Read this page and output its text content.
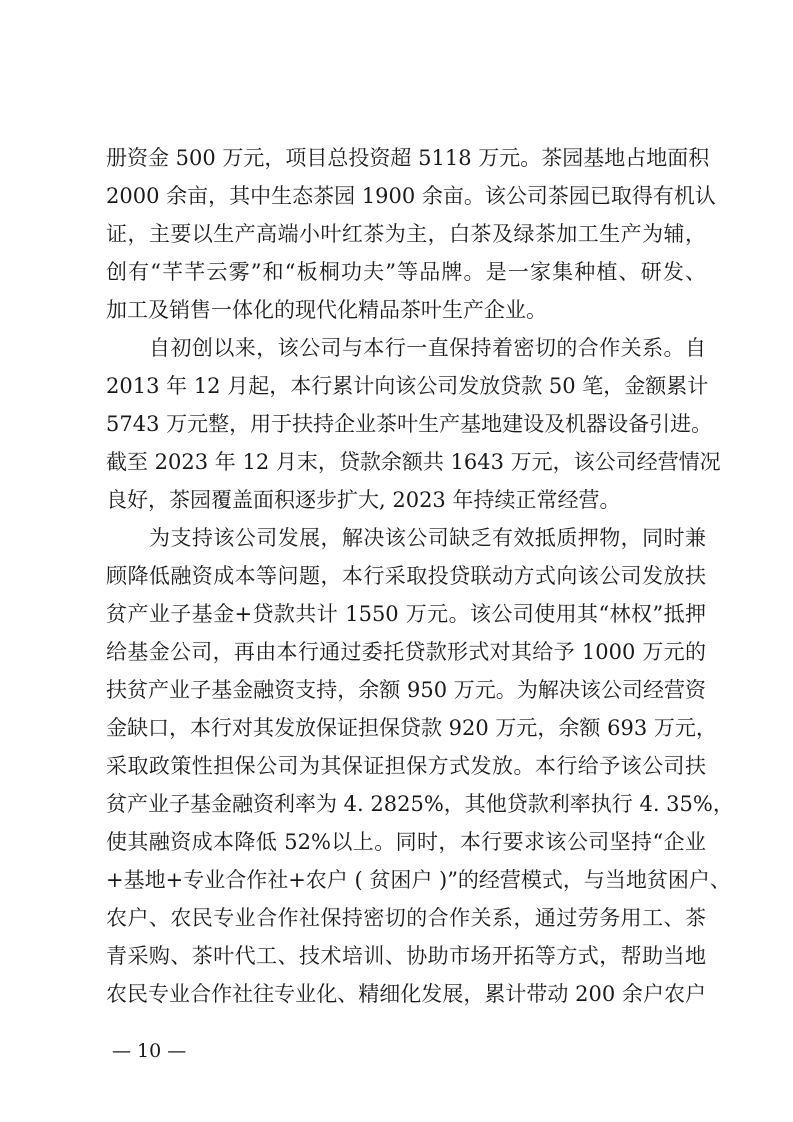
册资金 500 万元，项目总投资超 5118 万元。茶园基地占地面积
2000 余亩，其中生态茶园 1900 余亩。该公司茶园已取得有机认
证，主要以生产高端小叶红茶为主，白茶及绿茶加工生产为辅，
创有“芊芊云雾”和“板桐功夫”等品牌。是一家集种植、研发、
加工及销售一体化的现代化精品茶叶生产企业。
自初创以来，该公司与本行一直保持着密切的合作关系。自
2013 年 12 月起，本行累计向该公司发放贷款 50 笔，金额累计
5743 万元整，用于扶持企业茶叶生产基地建设及机器设备引进。
截至 2023 年 12 月末，贷款余额共 1643 万元，该公司经营情况
良好，茶园覆盖面积逐步扩大, 2023 年持续正常经营。
为支持该公司发展，解决该公司缺乏有效抵质押物，同时兼
顾降低融资成本等问题，本行采取投贷联动方式向该公司发放扶
贫产业子基金+贷款共计 1550 万元。该公司使用其“林权”抵押
给基金公司，再由本行通过委托贷款形式对其给予 1000 万元的
扶贫产业子基金融资支持，余额 950 万元。为解决该公司经营资
金缺口，本行对其发放保证担保贷款 920 万元，余额 693 万元，
采取政策性担保公司为其保证担保方式发放。本行给予该公司扶
贫产业子基金融资利率为 4. 2825%，其他贷款利率执行 4. 35%，
使其融资成本降低 52%以上。同时，本行要求该公司坚持“企业
+基地+专业合作社+农户 ( 贫困户 )”的经营模式，与当地贫困户、
农户、农民专业合作社保持密切的合作关系，通过劳务用工、茶
青采购、茶叶代工、技术培训、协助市场开拓等方式，帮助当地
农民专业合作社往专业化、精细化发展，累计带动 200 余户农户
— 10 —
